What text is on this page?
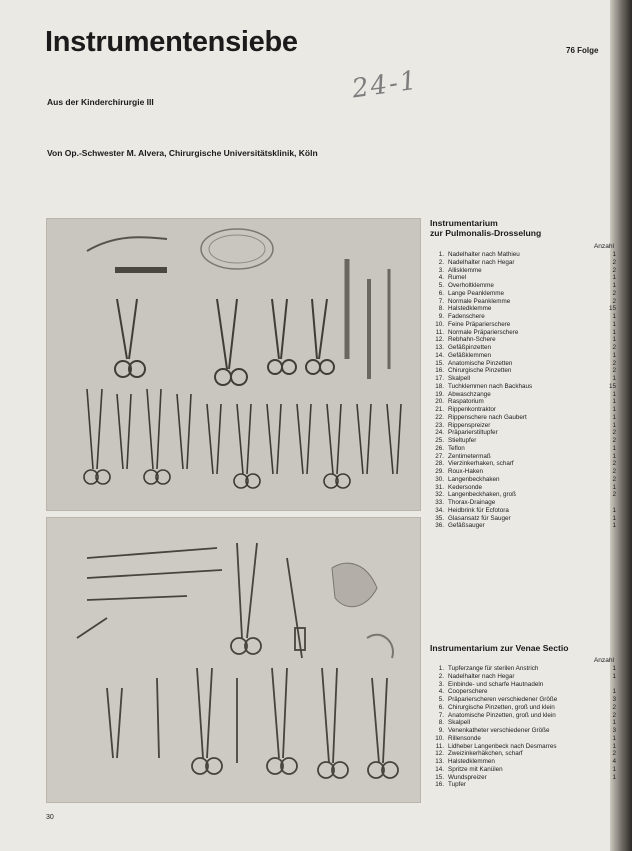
Instrumentensiebe	76 Folge
24-1
Aus der Kinderchirurgie III
Von Op.-Schwester M. Alvera, Chirurgische Universitätsklinik, Köln
Instrumentarium
zur Pulmonalis-Drosselung
Anzahl
1. Nadelhalter nach Mathieu	1
2. Nadelhalter nach Hegar	2
3. Allisklemme	2
4. Rumel	1
5. Overholtklemme	1
6. Lange Peanklemme	2
7. Normale Peanklemme	2
8. Halstedklemme	15
9. Fadenschere	1
10. Feine Präparierschere	1
11. Normale Präparierschere	1
12. Rebhahn-Schere	1
13. Gefäßpinzetten	2
14. Gefäßklemmen	1
15. Anatomische Pinzetten	2
16. Chirurgische Pinzetten	2
17. Skalpell	1
18. Tuchklemmen nach Backhaus	15
19. Abwaschzange	1
20. Raspatorium	1
21. Rippenkontraktor	1
22. Rippenschere nach Gaubert	1
23. Rippenspreizer	1
24. Präparierstiltupfer	2
25. Stieltupfer	2
26. Teflon	1
27. Zentimetermaß	1
28. Vierzinkerhaken, scharf	2
29. Roux-Haken	2
30. Langenbeckhaken	2
31. Kedersonde	1
32. Langenbeckhaken, groß	2
33. Thorax-Drainage
34. Heidbrink für Ecfotora	1
35. Glasansatz für Sauger	1
36. Gefäßsauger	1
Instrumentarium zur Venae Sectio
Anzahl
1. Tupferzange für sterilen Anstrich	1
2. Nadelhalter nach Hegar	1
3. Einbinde- und scharfe Hautnadeln
4. Cooperschere	1
5. Präparierscheren verschiedener Größe	3
6. Chirurgische Pinzetten, groß und klein	2
7. Anatomische Pinzetten, groß und klein	2
8. Skalpell	1
9. Venenkatheter verschiedener Größe	3
10. Rillensonde	1
11. Lidheber Langenbeck nach Desmarres	1
12. Zweizinkerhäkchen, scharf	2
13. Halstedklemmen	4
14. Spritze mit Kanülen	1
15. Wundspreizer	1
16. Tupfer
30
